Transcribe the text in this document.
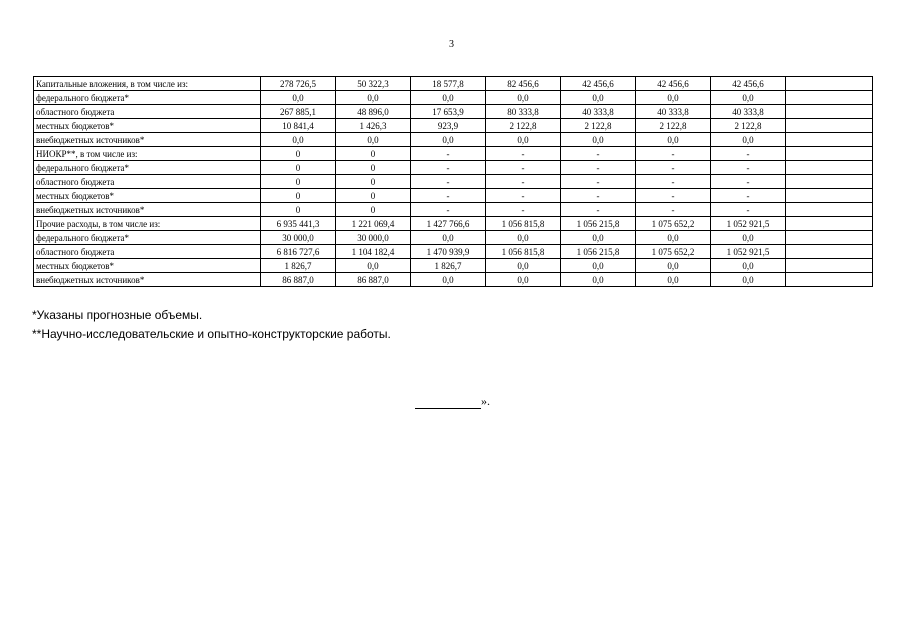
3
Капитальные вложения, в том числе из:	278 726,5	50 322,3	18 577,8	82 456,6	42 456,6	42 456,6	42 456,6	
федерального бюджета*	0,0	0,0	0,0	0,0	0,0	0,0	0,0	
областного бюджета	267 885,1	48 896,0	17 653,9	80 333,8	40 333,8	40 333,8	40 333,8	
местных бюджетов*	10 841,4	1 426,3	923,9	2 122,8	2 122,8	2 122,8	2 122,8	
внебюджетных источников*	0,0	0,0	0,0	0,0	0,0	0,0	0,0	
НИОКР**, в том числе из:	0	0	-	-	-	-	-	
федерального бюджета*	0	0	-	-	-	-	-	
областного бюджета	0	0	-	-	-	-	-	
местных бюджетов*	0	0	-	-	-	-	-	
внебюджетных источников*	0	0	-	-	-	-	-	
Прочие расходы, в том числе из:	6 935 441,3	1 221 069,4	1 427 766,6	1 056 815,8	1 056 215,8	1 075 652,2	1 052 921,5	
федерального бюджета*	30 000,0	30 000,0	0,0	0,0	0,0	0,0	0,0	
областного бюджета	6 816 727,6	1 104 182,4	1 470 939,9	1 056 815,8	1 056 215,8	1 075 652,2	1 052 921,5	
местных бюджетов*	1 826,7	0,0	1 826,7	0,0	0,0	0,0	0,0	
внебюджетных источников*	86 887,0	86 887,0	0,0	0,0	0,0	0,0	0,0	

*Указаны прогнозные объемы.

**Научно-исследовательские и опытно-конструкторские работы.

».
